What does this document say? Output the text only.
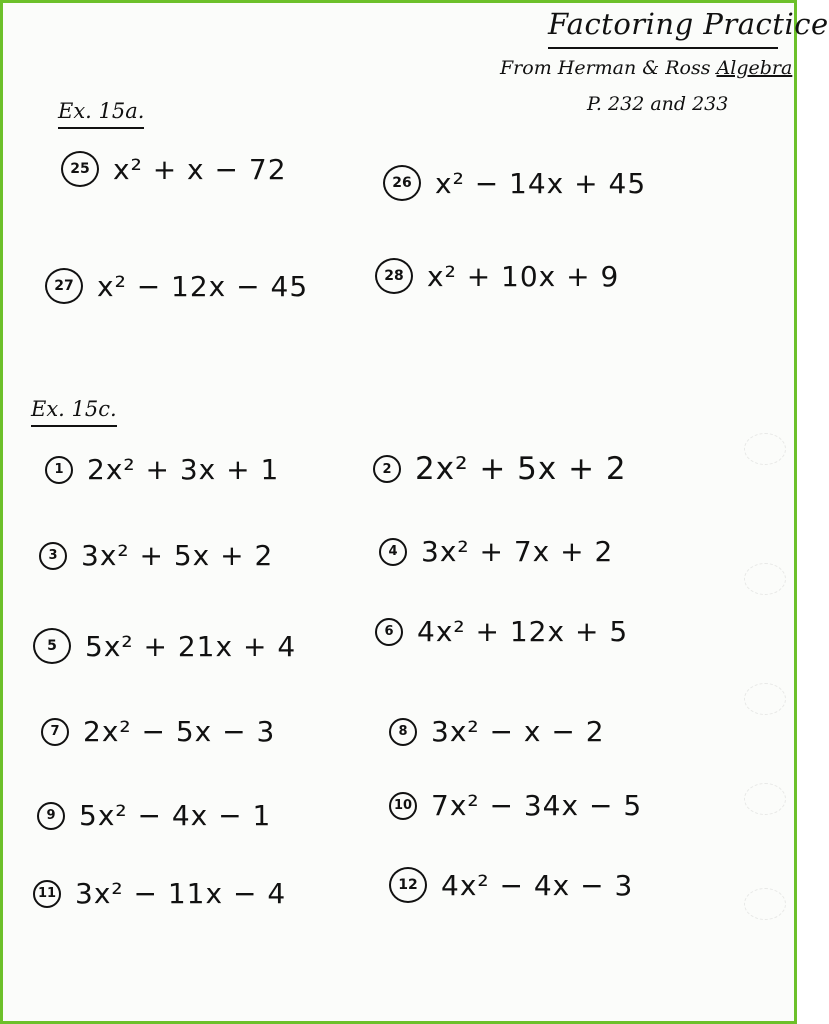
Factoring Practice
From Herman & Ross Algebra
P. 232 and 233
Ex. 15a.
25 x² + x − 72	26 x² − 14x + 45
27 x² − 12x − 45	28 x² + 10x + 9
Ex. 15c.
1 2x² + 3x + 1	2 2x² + 5x + 2
3 3x² + 5x + 2	4 3x² + 7x + 2
5	5x² + 21x + 4	6 4x² + 12x + 5
7 2x² − 5x − 3	8 3x² − x − 2
9 5x² − 4x − 1	10 7x² − 34x − 5
11 3x² − 11x − 4	12 4x² − 4x − 3
